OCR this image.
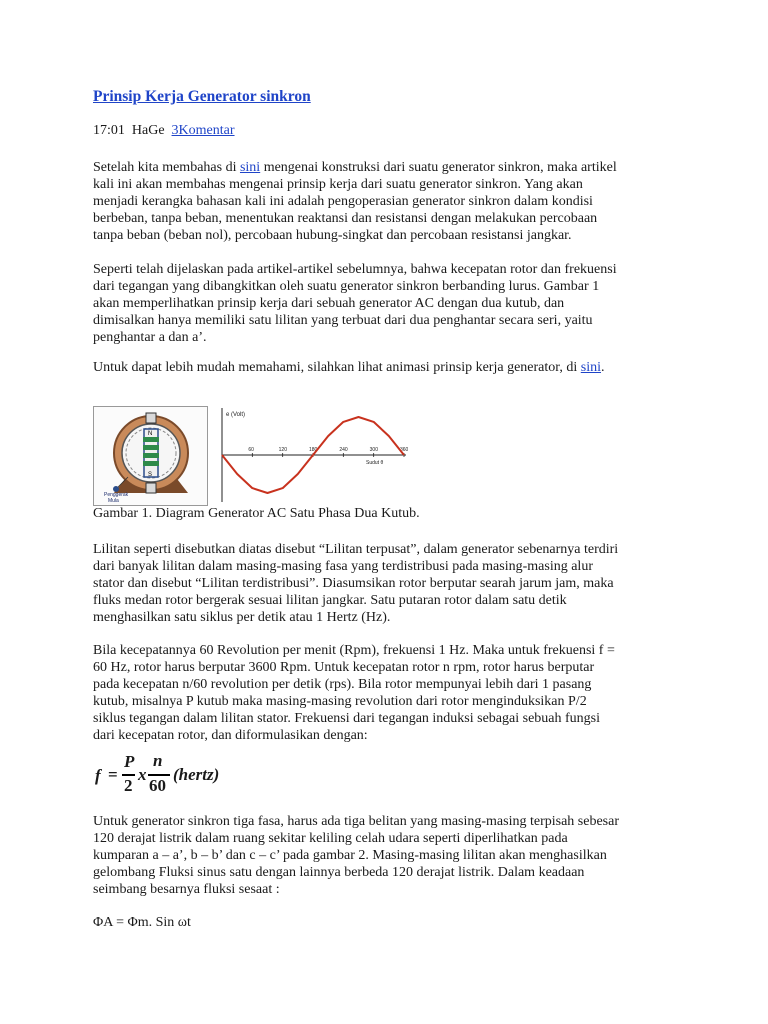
Prinsip Kerja Generator sinkron
17:01 HaGe 3Komentar
Setelah kita membahas di sini mengenai konstruksi dari suatu generator sinkron, maka artikel
kali ini akan membahas mengenai prinsip kerja dari suatu generator sinkron. Yang akan
menjadi kerangka bahasan kali ini adalah pengoperasian generator sinkron dalam kondisi
berbeban, tanpa beban, menentukan reaktansi dan resistansi dengan melakukan percobaan
tanpa beban (beban nol), percobaan hubung-singkat dan percobaan resistansi jangkar.
Seperti telah dijelaskan pada artikel-artikel sebelumnya, bahwa kecepatan rotor dan frekuensi
dari tegangan yang dibangkitkan oleh suatu generator sinkron berbanding lurus. Gambar 1
akan memperlihatkan prinsip kerja dari sebuah generator AC dengan dua kutub, dan
dimisalkan hanya memiliki satu lilitan yang terbuat dari dua penghantar secara seri, yaitu
penghantar a dan a’.
Untuk dapat lebih mudah memahami, silahkan lihat animasi prinsip kerja generator, di sini.
N
S
Penggerak
Mula
60	120	180	240	300	360
e (Volt)
Sudut θ
Gambar 1. Diagram Generator AC Satu Phasa Dua Kutub.
Lilitan seperti disebutkan diatas disebut “Lilitan terpusat”, dalam generator sebenarnya terdiri
dari banyak lilitan dalam masing-masing fasa yang terdistribusi pada masing-masing alur
stator dan disebut “Lilitan terdistribusi”. Diasumsikan rotor berputar searah jarum jam, maka
fluks medan rotor bergerak sesuai lilitan jangkar. Satu putaran rotor dalam satu detik
menghasilkan satu siklus per detik atau 1 Hertz (Hz).
Bila kecepatannya 60 Revolution per menit (Rpm), frekuensi 1 Hz. Maka untuk frekuensi f =
60 Hz, rotor harus berputar 3600 Rpm. Untuk kecepatan rotor n rpm, rotor harus berputar
pada kecepatan n/60 revolution per detik (rps). Bila rotor mempunyai lebih dari 1 pasang
kutub, misalnya P kutub maka masing-masing revolution dari rotor menginduksikan P/2
siklus tegangan dalam lilitan stator. Frekuensi dari tegangan induksi sebagai sebuah fungsi
dari kecepatan rotor, dan diformulasikan dengan:
f =
P
2
x
n
60
(hertz)
Untuk generator sinkron tiga fasa, harus ada tiga belitan yang masing-masing terpisah sebesar
120 derajat listrik dalam ruang sekitar keliling celah udara seperti diperlihatkan pada
kumparan a – a’, b – b’ dan c – c’ pada gambar 2. Masing-masing lilitan akan menghasilkan
gelombang Fluksi sinus satu dengan lainnya berbeda 120 derajat listrik. Dalam keadaan
seimbang besarnya fluksi sesaat :
ΦA = Φm. Sin ωt
